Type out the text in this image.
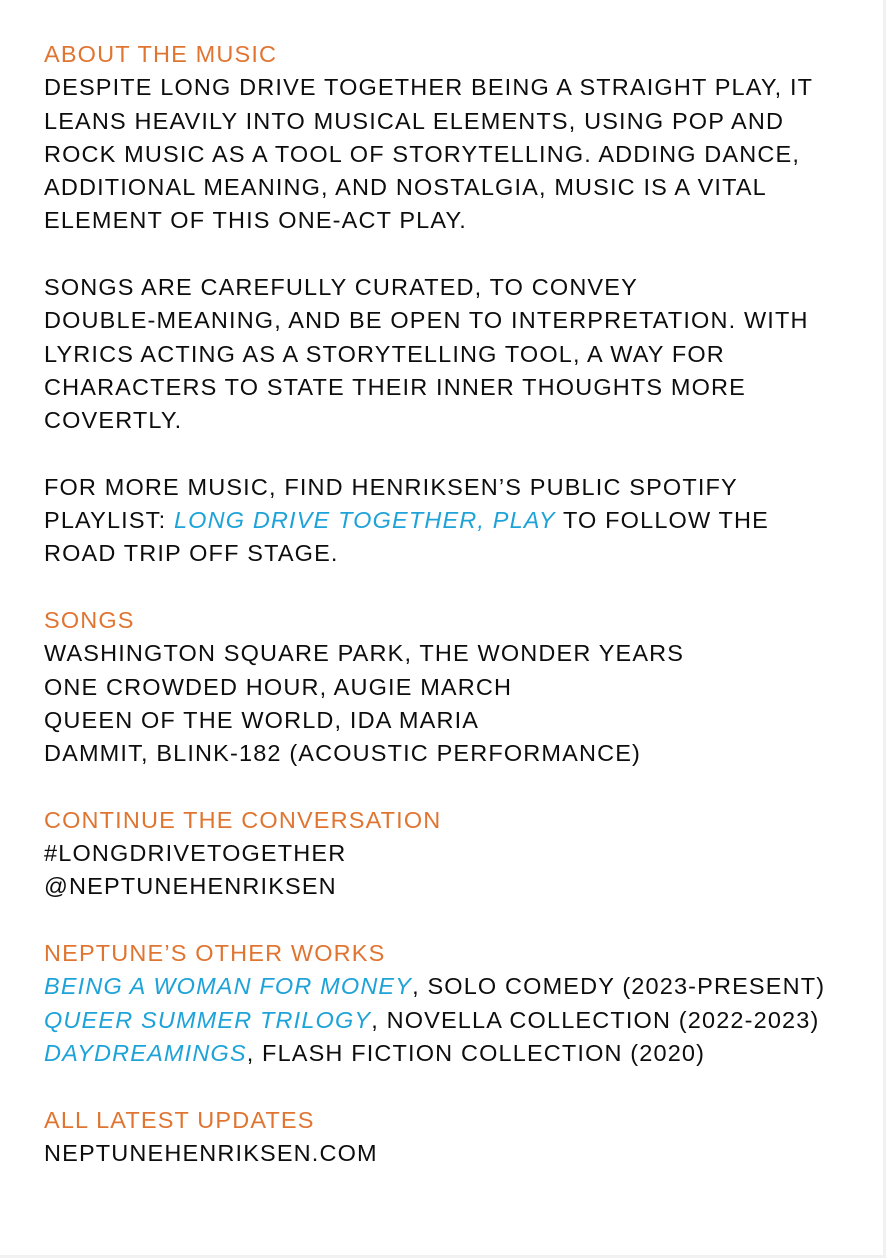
ABOUT THE MUSIC
DESPITE LONG DRIVE TOGETHER BEING A STRAIGHT PLAY, IT
LEANS HEAVILY INTO MUSICAL ELEMENTS, USING POP AND
ROCK MUSIC AS A TOOL OF STORYTELLING. ADDING DANCE,
ADDITIONAL MEANING, AND NOSTALGIA, MUSIC IS A VITAL
ELEMENT OF THIS ONE-ACT PLAY.
SONGS ARE CAREFULLY CURATED, TO CONVEY
DOUBLE-MEANING, AND BE OPEN TO INTERPRETATION. WITH
LYRICS ACTING AS A STORYTELLING TOOL, A WAY FOR
CHARACTERS TO STATE THEIR INNER THOUGHTS MORE
COVERTLY.
FOR MORE MUSIC, FIND HENRIKSEN’S PUBLIC SPOTIFY
PLAYLIST: LONG DRIVE TOGETHER, PLAY TO FOLLOW THE
ROAD TRIP OFF STAGE.
SONGS
WASHINGTON SQUARE PARK, THE WONDER YEARS
ONE CROWDED HOUR, AUGIE MARCH
QUEEN OF THE WORLD, IDA MARIA
DAMMIT, BLINK-182 (ACOUSTIC PERFORMANCE)
CONTINUE THE CONVERSATION
#LONGDRIVETOGETHER
@NEPTUNEHENRIKSEN
NEPTUNE’S OTHER WORKS
BEING A WOMAN FOR MONEY, SOLO COMEDY (2023-PRESENT)
QUEER SUMMER TRILOGY, NOVELLA COLLECTION (2022-2023)
DAYDREAMINGS, FLASH FICTION COLLECTION (2020)
ALL LATEST UPDATES
NEPTUNEHENRIKSEN.COM
